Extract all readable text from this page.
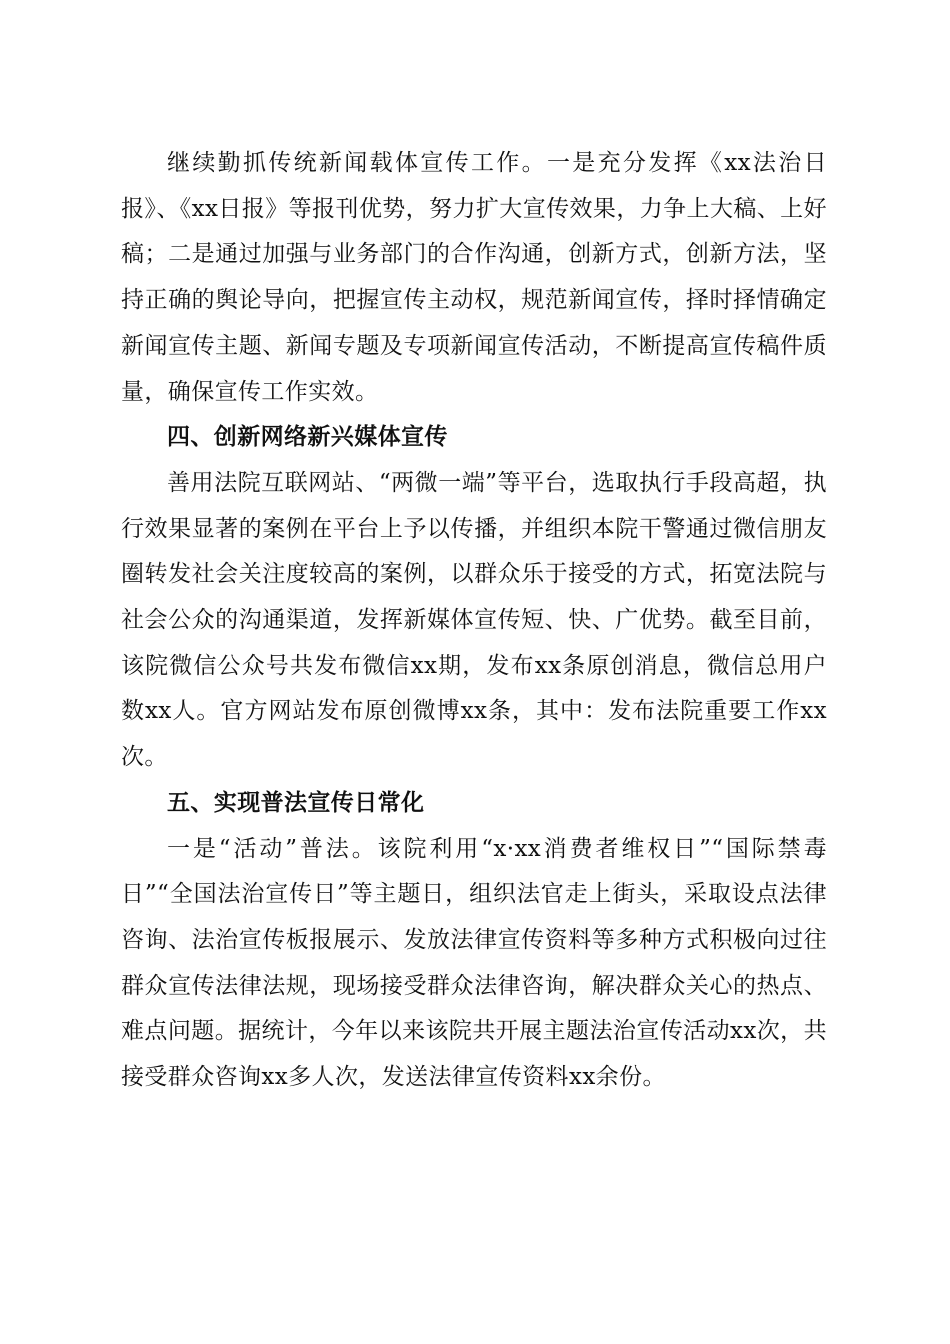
继续勤抓传统新闻载体宣传工作。一是充分发挥《xx法治日报》、《xx日报》等报刊优势，努力扩大宣传效果，力争上大稿、上好稿；二是通过加强与业务部门的合作沟通，创新方式，创新方法，坚持正确的舆论导向，把握宣传主动权，规范新闻宣传，择时择情确定新闻宣传主题、新闻专题及专项新闻宣传活动，不断提高宣传稿件质量，确保宣传工作实效。

四、创新网络新兴媒体宣传

善用法院互联网站、“两微一端”等平台，选取执行手段高超，执行效果显著的案例在平台上予以传播，并组织本院干警通过微信朋友圈转发社会关注度较高的案例，以群众乐于接受的方式，拓宽法院与社会公众的沟通渠道，发挥新媒体宣传短、快、广优势。截至目前，该院微信公众号共发布微信xx期，发布xx条原创消息，微信总用户数xx人。官方网站发布原创微博xx条，其中：发布法院重要工作xx次。

五、实现普法宣传日常化

一是“活动”普法。该院利用“x·xx消费者维权日”“国际禁毒日”“全国法治宣传日”等主题日，组织法官走上街头，采取设点法律咨询、法治宣传板报展示、发放法律宣传资料等多种方式积极向过往群众宣传法律法规，现场接受群众法律咨询，解决群众关心的热点、难点问题。据统计，今年以来该院共开展主题法治宣传活动xx次，共接受群众咨询xx多人次，发送法律宣传资料xx余份。
